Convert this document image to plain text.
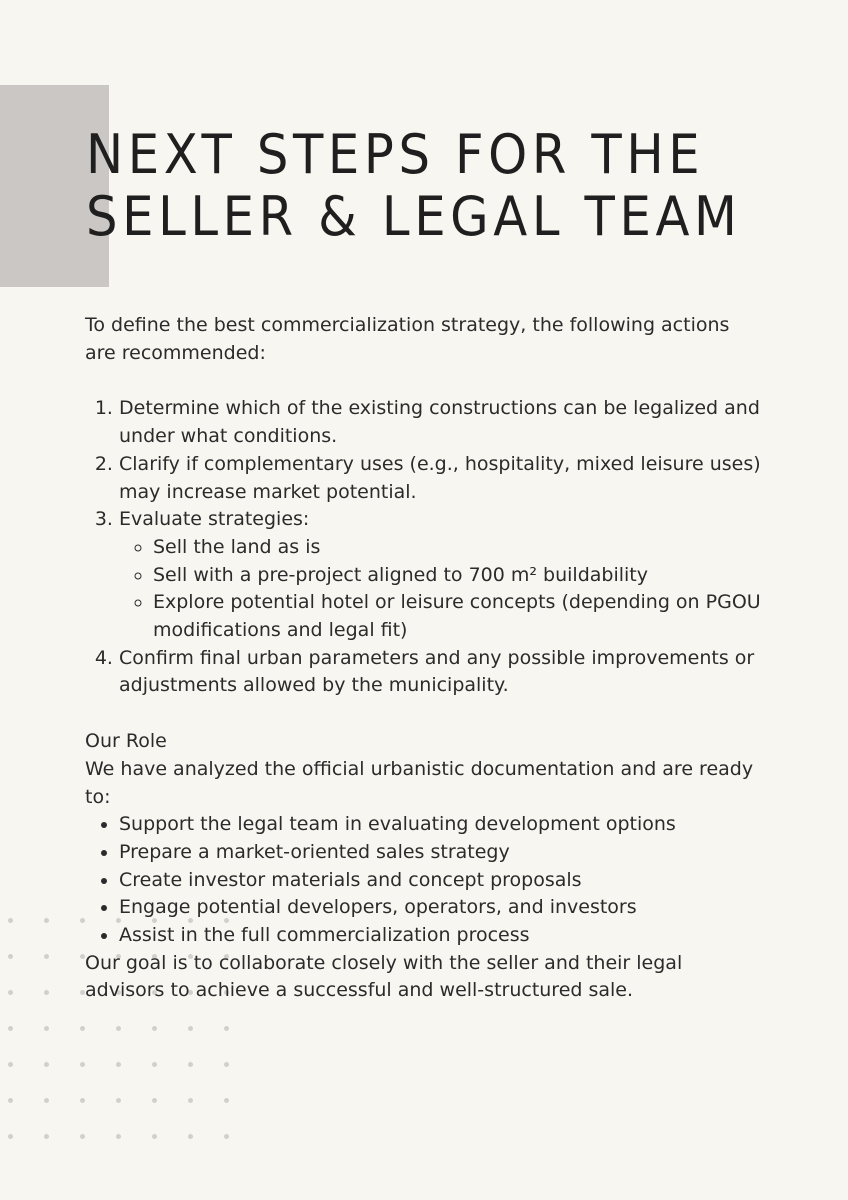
NEXT STEPS FOR THE
SELLER & LEGAL TEAM

To define the best commercialization strategy, the following actions are recommended:

1. Determine which of the existing constructions can be legalized and under what conditions.
2. Clarify if complementary uses (e.g., hospitality, mixed leisure uses) may increase market potential.
3. Evaluate strategies:
◦ Sell the land as is
◦ Sell with a pre-project aligned to 700 m² buildability
◦ Explore potential hotel or leisure concepts (depending on PGOU modifications and legal fit)
4. Confirm final urban parameters and any possible improvements or adjustments allowed by the municipality.

Our Role

We have analyzed the official urbanistic documentation and are ready to:

• Support the legal team in evaluating development options
• Prepare a market-oriented sales strategy
• Create investor materials and concept proposals
• Engage potential developers, operators, and investors
• Assist in the full commercialization process

Our goal is to collaborate closely with the seller and their legal advisors to achieve a successful and well-structured sale.
